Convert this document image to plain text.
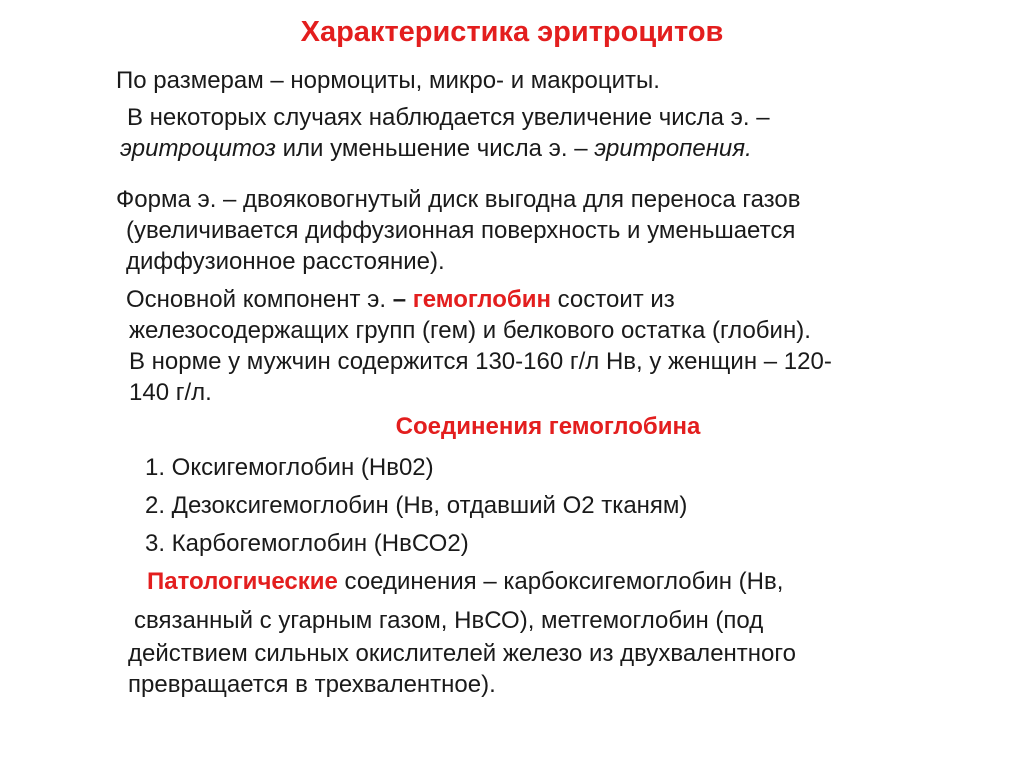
Характеристика эритроцитов
По размерам – нормоциты, микро- и макроциты.
В некоторых случаях наблюдается увеличение числа э. –
эритроцитоз или уменьшение числа э. – эритропения.
Форма э. – двояковогнутый диск выгодна для переноса газов
(увеличивается диффузионная поверхность и уменьшается
диффузионное расстояние).
Основной компонент э. – гемоглобин состоит из
железосодержащих групп (гем) и белкового остатка (глобин).
В норме у мужчин содержится 130-160 г/л Нв, у женщин – 120-
140 г/л.
Соединения гемоглобина
1. Оксигемоглобин (Нв02)
2. Дезоксигемоглобин (Нв, отдавший О2 тканям)
3. Карбогемоглобин (НвСО2)
Патологические соединения – карбоксигемоглобин (Нв,
связанный с угарным газом, НвСО), метгемоглобин (под
действием сильных окислителей железо из двухвалентного
превращается в трехвалентное).
